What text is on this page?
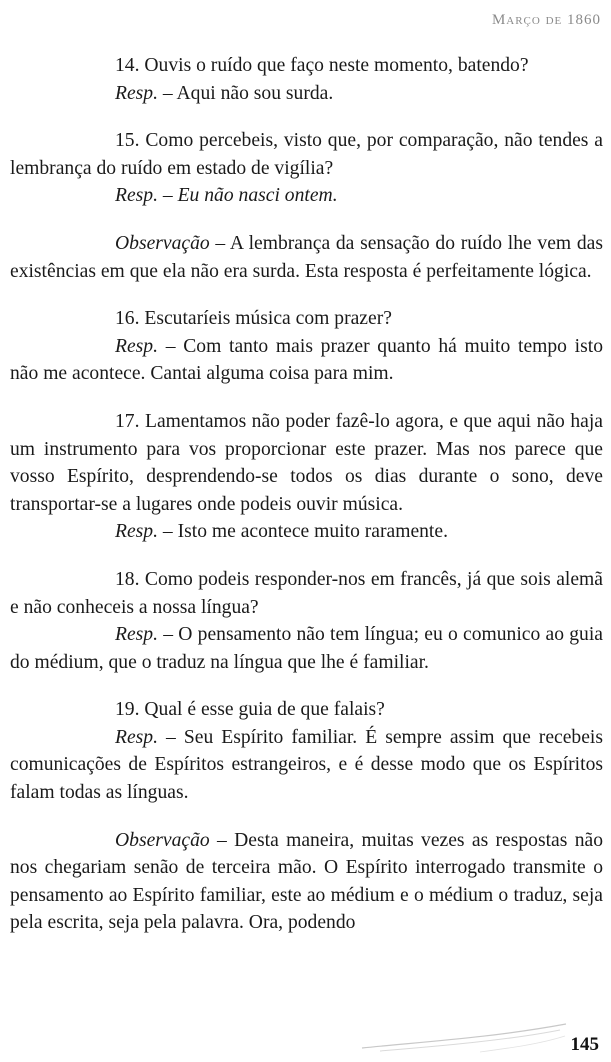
Março de 1860

14. Ouvis o ruído que faço neste momento, batendo?

Resp. – Aqui não sou surda.

15. Como percebeis, visto que, por comparação, não tendes a lembrança do ruído em estado de vigília?

Resp. – Eu não nasci ontem.

Observação – A lembrança da sensação do ruído lhe vem das existências em que ela não era surda. Esta resposta é perfeitamente lógica.

16. Escutaríeis música com prazer?

Resp. – Com tanto mais prazer quanto há muito tempo isto não me acontece. Cantai alguma coisa para mim.

17. Lamentamos não poder fazê-lo agora, e que aqui não haja um instrumento para vos proporcionar este prazer. Mas nos parece que vosso Espírito, desprendendo-se todos os dias durante o sono, deve transportar-se a lugares onde podeis ouvir música.

Resp. – Isto me acontece muito raramente.

18. Como podeis responder-nos em francês, já que sois alemã e não conheceis a nossa língua?

Resp. – O pensamento não tem língua; eu o comunico ao guia do médium, que o traduz na língua que lhe é familiar.

19. Qual é esse guia de que falais?

Resp. – Seu Espírito familiar. É sempre assim que recebeis comunicações de Espíritos estrangeiros, e é desse modo que os Espíritos falam todas as línguas.

Observação – Desta maneira, muitas vezes as respostas não nos chegariam senão de terceira mão. O Espírito interrogado transmite o pensamento ao Espírito familiar, este ao médium e o médium o traduz, seja pela escrita, seja pela palavra. Ora, podendo

145
